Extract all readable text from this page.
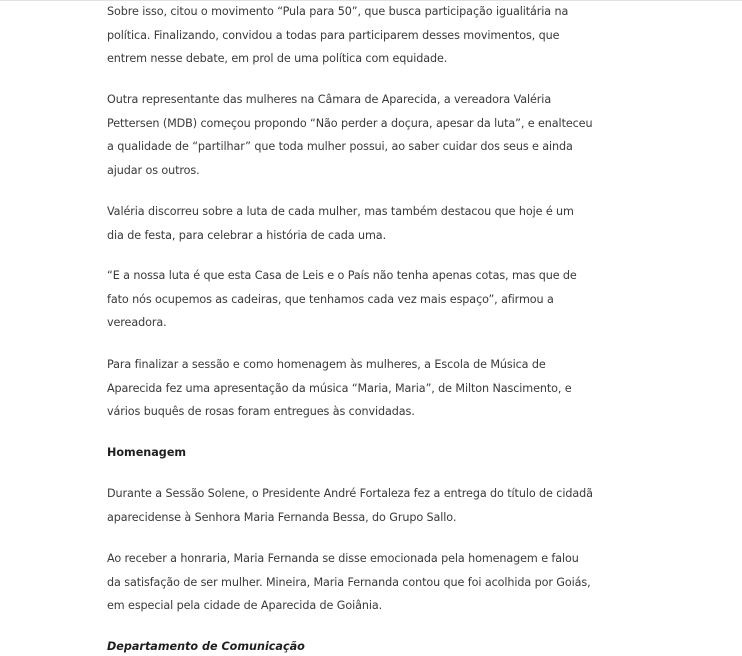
Sobre isso, citou o movimento “Pula para 50”, que busca participação igualitária na
política. Finalizando, convidou a todas para participarem desses movimentos, que
entrem nesse debate, em prol de uma política com equidade.

Outra representante das mulheres na Câmara de Aparecida, a vereadora Valéria
Pettersen (MDB) começou propondo “Não perder a doçura, apesar da luta”, e enalteceu
a qualidade de “partilhar” que toda mulher possui, ao saber cuidar dos seus e ainda
ajudar os outros.

Valéria discorreu sobre a luta de cada mulher, mas também destacou que hoje é um
dia de festa, para celebrar a história de cada uma.

“E a nossa luta é que esta Casa de Leis e o País não tenha apenas cotas, mas que de
fato nós ocupemos as cadeiras, que tenhamos cada vez mais espaço”, afirmou a
vereadora.

Para finalizar a sessão e como homenagem às mulheres, a Escola de Música de
Aparecida fez uma apresentação da música “Maria, Maria”, de Milton Nascimento, e
vários buquês de rosas foram entregues às convidadas.

Homenagem

Durante a Sessão Solene, o Presidente André Fortaleza fez a entrega do título de cidadã
aparecidense à Senhora Maria Fernanda Bessa, do Grupo Sallo.

Ao receber a honraria, Maria Fernanda se disse emocionada pela homenagem e falou
da satisfação de ser mulher. Mineira, Maria Fernanda contou que foi acolhida por Goiás,
em especial pela cidade de Aparecida de Goiânia.

Departamento de Comunicação
